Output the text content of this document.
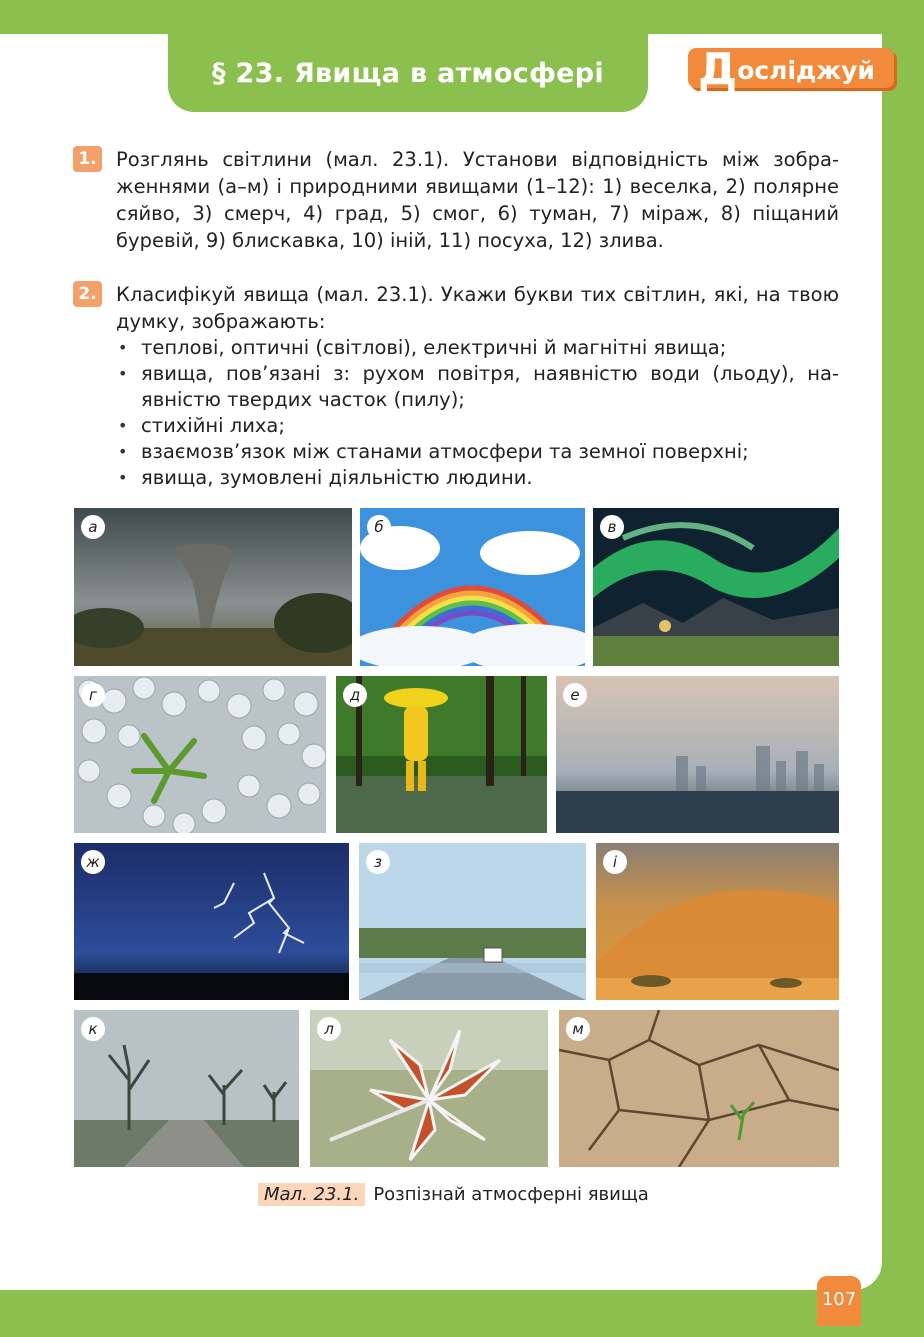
§ 23. Явища в атмосфері Д осліджуй
1. Розглянь світлини (мал. 23.1). Установи відповідність між зображеннями (а–м) і природними явищами (1–12): 1) веселка, 2) полярне сяйво, 3) смерч, 4) град, 5) смог, 6) туман, 7) міраж, 8) піщаний буревій, 9) блискавка, 10) іній, 11) посуха, 12) злива.

2. Класифікуй явища (мал. 23.1). Укажи букви тих світлин, які, на твою думку, зображають:

• теплові, оптичні (світлові), електричні й магнітні явища;
• явища, пов’язані з: рухом повітря, наявністю води (льоду), наявністю твердих часток (пилу);
• стихійні лиха;
• взаємозв’язок між станами атмосфери та земної поверхні;
• явища, зумовлені діяльністю людини.
а	б	в
г	д	е
ж	з	і
к	л	м
Мал. 23.1. Розпізнай атмосферні явища
107
